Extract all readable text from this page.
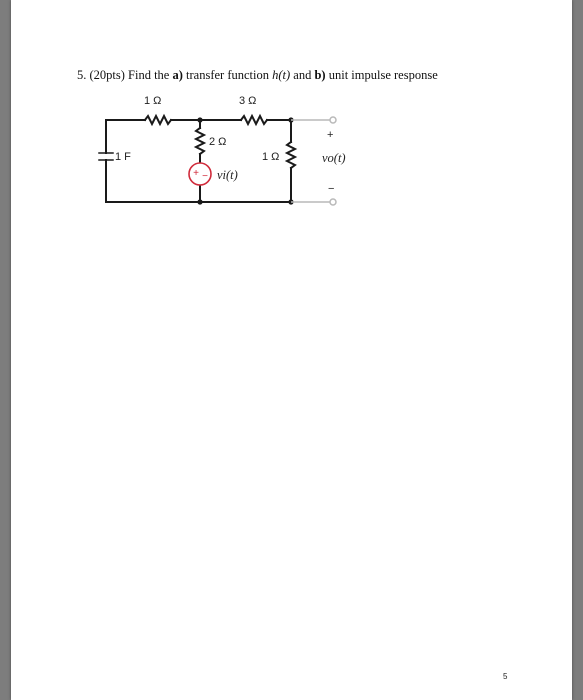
5. (20pts) Find the a) transfer function h(t) and b) unit impulse response
+ −
1 Ω	3 Ω
2 Ω
1 Ω
1 F
+
−
vi(t)
vo(t)
5
